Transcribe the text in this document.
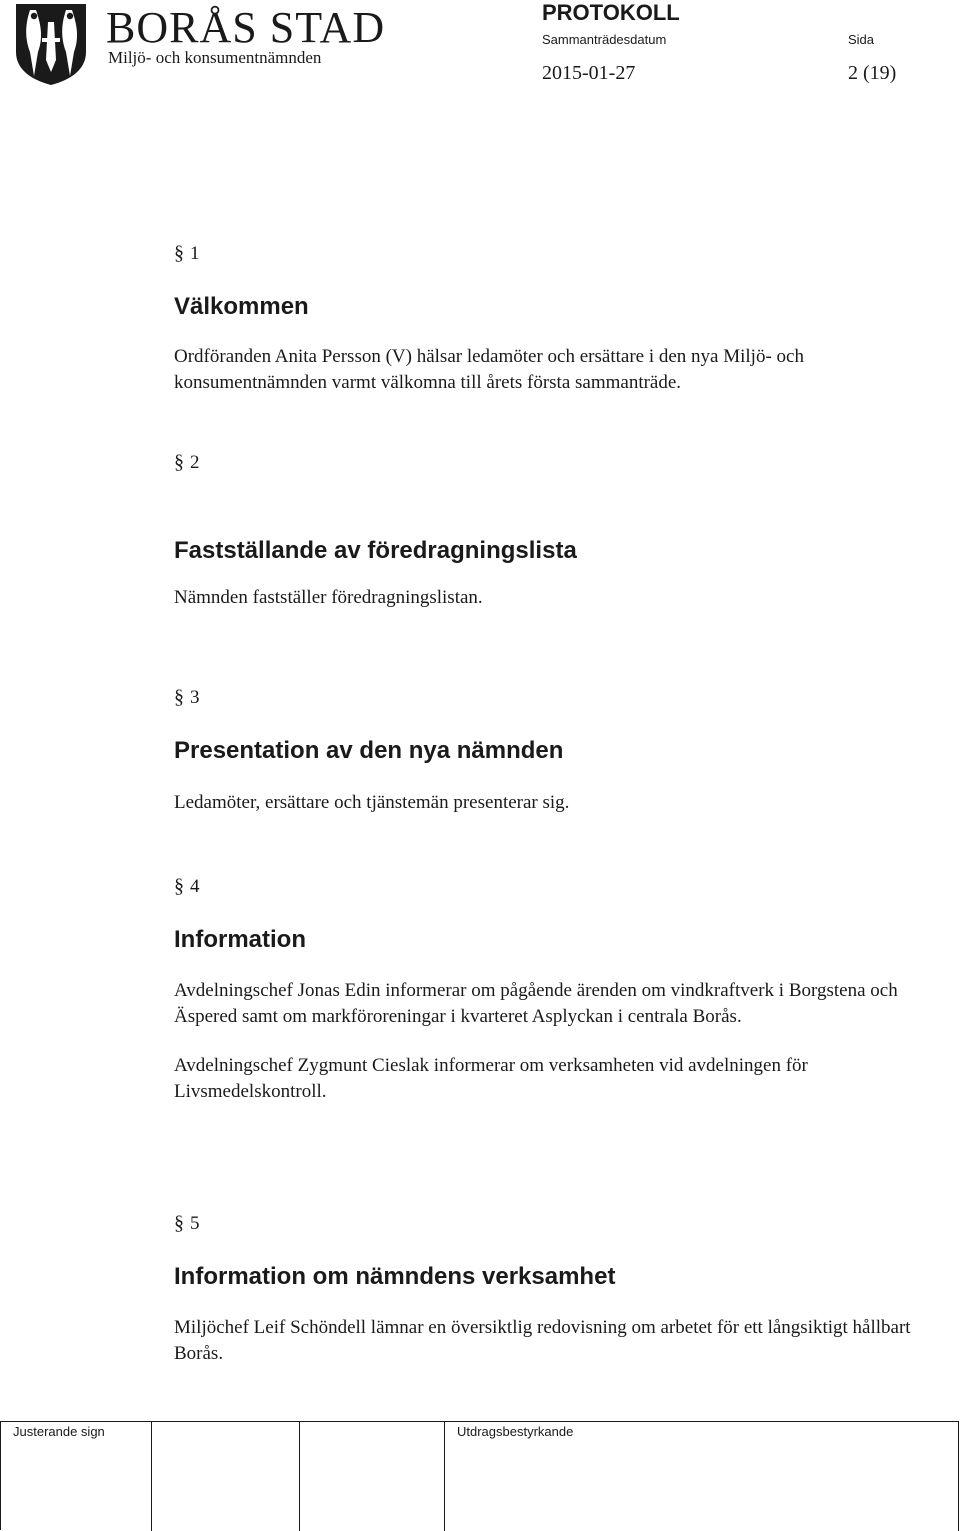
BORÅS STAD
Miljö- och konsumentnämnden
PROTOKOLL
Sammanträdesdatum	Sida
2015-01-27	2 (19)
§ 1
Välkommen
Ordföranden Anita Persson (V) hälsar ledamöter och ersättare i den nya Miljö- och konsumentnämnden varmt välkomna till årets första sammanträde.
§ 2
Fastställande av föredragningslista
Nämnden fastställer föredragningslistan.
§ 3
Presentation av den nya nämnden
Ledamöter, ersättare och tjänstemän presenterar sig.
§ 4
Information
Avdelningschef Jonas Edin informerar om pågående ärenden om vindkraftverk i Borgstena och Äspered samt om markföroreningar i kvarteret Asplyckan i centrala Borås.
Avdelningschef Zygmunt Cieslak informerar om verksamheten vid avdelningen för Livsmedelskontroll.
§ 5
Information om nämndens verksamhet
Miljöchef Leif Schöndell lämnar en översiktlig redovisning om arbetet för ett långsiktigt hållbart Borås.
Justerande sign	Utdragsbestyrkande
